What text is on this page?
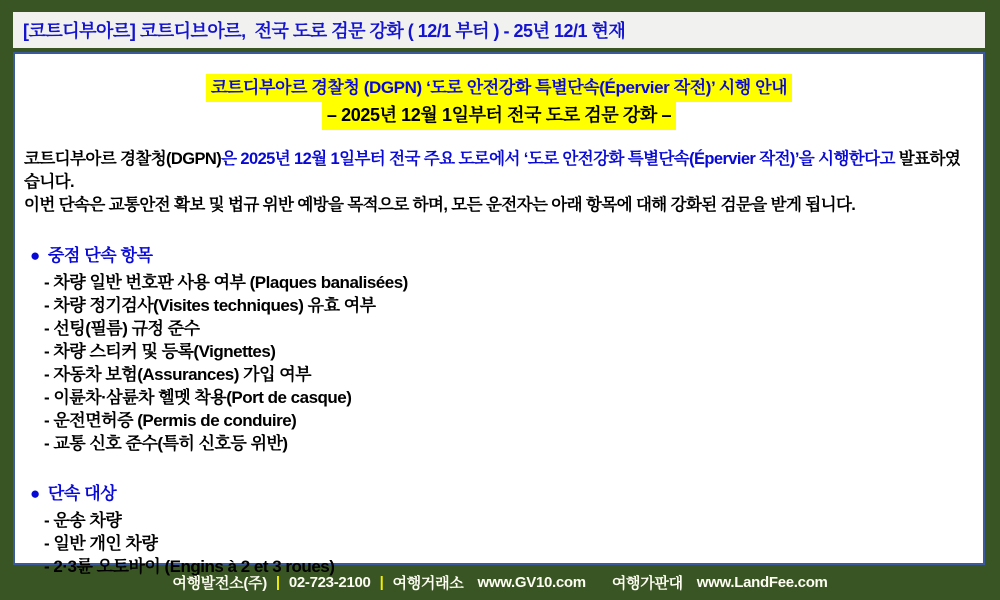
[코트디부아르] 코트디브아르,  전국 도로 검문 강화 ( 12/1 부터 ) - 25년 12/1 현재
코트디부아르 경찰청 (DGPN) ‘도로 안전강화 특별단속(Épervier 작전)’ 시행 안내
– 2025년 12월 1일부터 전국 도로 검문 강화 –
코트디부아르 경찰청(DGPN)은 2025년 12월 1일부터 전국 주요 도로에서 ‘도로 안전강화 특별단속(Épervier 작전)’을 시행한다고 발표하였습니다.
이번 단속은 교통안전 확보 및 법규 위반 예방을 목적으로 하며, 모든 운전자는 아래 항목에 대해 강화된 검문을 받게 됩니다.
● 중점 단속 항목
- 차량 일반 번호판 사용 여부 (Plaques banalisées)
- 차량 정기검사(Visites techniques) 유효 여부
- 선팅(필름) 규정 준수
- 차량 스티커 및 등록(Vignettes)
- 자동차 보험(Assurances) 가입 여부
- 이륜차·삼륜차 헬멧 착용(Port de casque)
- 운전면허증 (Permis de conduire)
- 교통 신호 준수(특히 신호등 위반)
● 단속 대상
- 운송 차량
- 일반 개인 차량
- 2·3륜 오토바이 (Engins à 2 et 3 roues)
여행발전소(주) | 02-723-2100 | 여행거래소 www.GV10.com 여행가판대 www.LandFee.com
